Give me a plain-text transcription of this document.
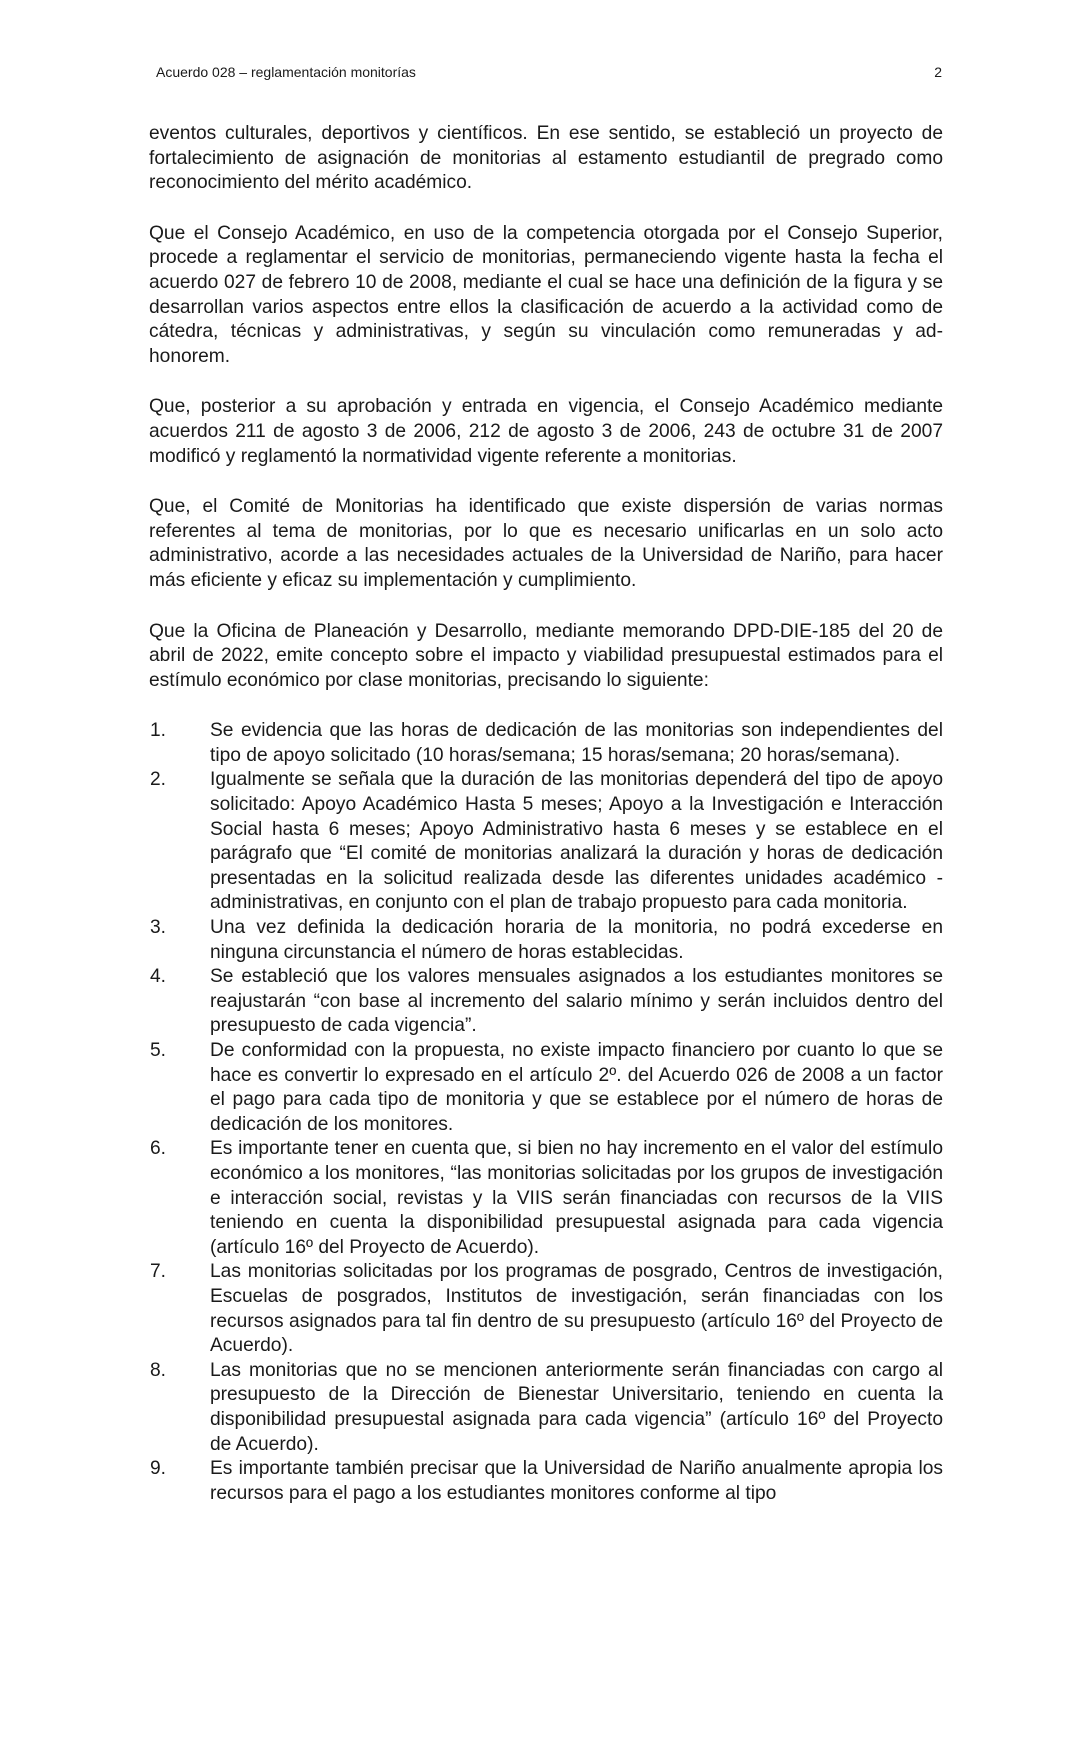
Acuerdo 028 – reglamentación monitorías	2

eventos culturales, deportivos y científicos. En ese sentido, se estableció un proyecto de fortalecimiento de asignación de monitorias al estamento estudiantil de pregrado como reconocimiento del mérito académico.

Que el Consejo Académico, en uso de la competencia otorgada por el Consejo Superior, procede a reglamentar el servicio de monitorias, permaneciendo vigente hasta la fecha el acuerdo 027 de febrero 10 de 2008, mediante el cual se hace una definición de la figura y se desarrollan varios aspectos entre ellos la clasificación de acuerdo a la actividad como de cátedra, técnicas y administrativas, y según su vinculación como remuneradas y ad-honorem.

Que, posterior a su aprobación y entrada en vigencia, el Consejo Académico mediante acuerdos 211 de agosto 3 de 2006, 212 de agosto 3 de 2006, 243 de octubre 31 de 2007 modificó y reglamentó la normatividad vigente referente a monitorias.

Que, el Comité de Monitorias ha identificado que existe dispersión de varias normas referentes al tema de monitorias, por lo que es necesario unificarlas en un solo acto administrativo, acorde a las necesidades actuales de la Universidad de Nariño, para hacer más eficiente y eficaz su implementación y cumplimiento.

Que la Oficina de Planeación y Desarrollo, mediante memorando DPD-DIE-185 del 20 de abril de 2022, emite concepto sobre el impacto y viabilidad presupuestal estimados para el estímulo económico por clase monitorias, precisando lo siguiente:

1. Se evidencia que las horas de dedicación de las monitorias son independientes del tipo de apoyo solicitado (10 horas/semana; 15 horas/semana; 20 horas/semana).
2. Igualmente se señala que la duración de las monitorias dependerá del tipo de apoyo solicitado: Apoyo Académico Hasta 5 meses; Apoyo a la Investigación e Interacción Social hasta 6 meses; Apoyo Administrativo hasta 6 meses y se establece en el parágrafo que “El comité de monitorias analizará la duración y horas de dedicación presentadas en la solicitud realizada desde las diferentes unidades académico - administrativas, en conjunto con el plan de trabajo propuesto para cada monitoria.
3. Una vez definida la dedicación horaria de la monitoria, no podrá excederse en ninguna circunstancia el número de horas establecidas.
4. Se estableció que los valores mensuales asignados a los estudiantes monitores se reajustarán “con base al incremento del salario mínimo y serán incluidos dentro del presupuesto de cada vigencia”.
5. De conformidad con la propuesta, no existe impacto financiero por cuanto lo que se hace es convertir lo expresado en el artículo 2º. del Acuerdo 026 de 2008 a un factor el pago para cada tipo de monitoria y que se establece por el número de horas de dedicación de los monitores.
6. Es importante tener en cuenta que, si bien no hay incremento en el valor del estímulo económico a los monitores, “las monitorias solicitadas por los grupos de investigación e interacción social, revistas y la VIIS serán financiadas con recursos de la VIIS teniendo en cuenta la disponibilidad presupuestal asignada para cada vigencia (artículo 16º del Proyecto de Acuerdo).
7. Las monitorias solicitadas por los programas de posgrado, Centros de investigación, Escuelas de posgrados, Institutos de investigación, serán financiadas con los recursos asignados para tal fin dentro de su presupuesto (artículo 16º del Proyecto de Acuerdo).
8. Las monitorias que no se mencionen anteriormente serán financiadas con cargo al presupuesto de la Dirección de Bienestar Universitario, teniendo en cuenta la disponibilidad presupuestal asignada para cada vigencia” (artículo 16º del Proyecto de Acuerdo).
9. Es importante también precisar que la Universidad de Nariño anualmente apropia los recursos para el pago a los estudiantes monitores conforme al tipo
